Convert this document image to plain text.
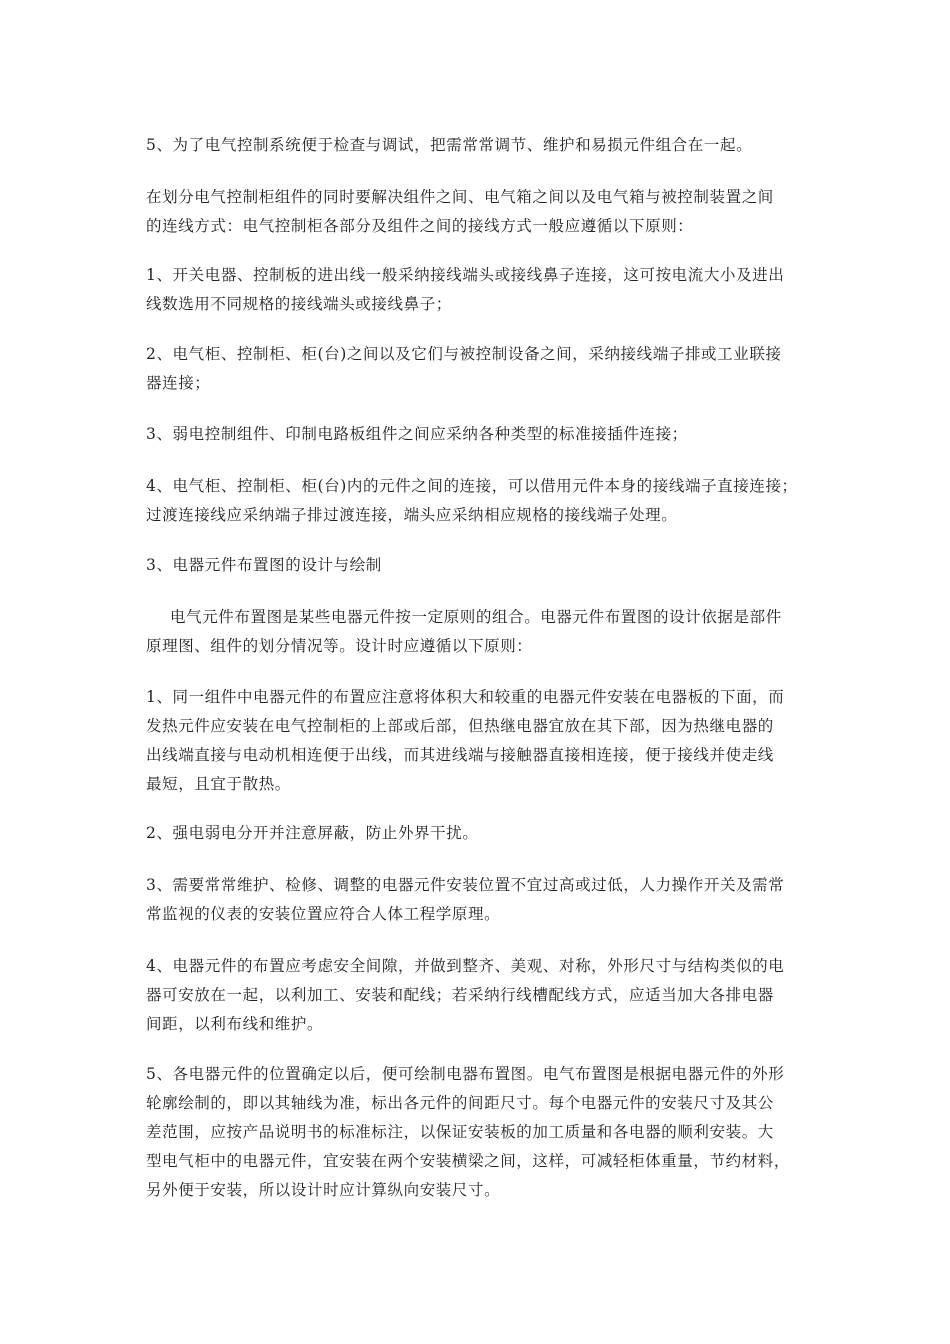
5、为了电气控制系统便于检查与调试，把需常常调节、维护和易损元件组合在一起。

在划分电气控制柜组件的同时要解决组件之间、电气箱之间以及电气箱与被控制装置之间
的连线方式：电气控制柜各部分及组件之间的接线方式一般应遵循以下原则：

1、开关电器、控制板的进出线一般采纳接线端头或接线鼻子连接，这可按电流大小及进出
线数选用不同规格的接线端头或接线鼻子；

2、电气柜、控制柜、柜(台)之间以及它们与被控制设备之间，采纳接线端子排或工业联接
器连接；

3、弱电控制组件、印制电路板组件之间应采纳各种类型的标准接插件连接；

4、电气柜、控制柜、柜(台)内的元件之间的连接，可以借用元件本身的接线端子直接连接；
过渡连接线应采纳端子排过渡连接，端头应采纳相应规格的接线端子处理。

3、电器元件布置图的设计与绘制

电气元件布置图是某些电器元件按一定原则的组合。电器元件布置图的设计依据是部件
原理图、组件的划分情况等。设计时应遵循以下原则：

1、同一组件中电器元件的布置应注意将体积大和较重的电器元件安装在电器板的下面，而
发热元件应安装在电气控制柜的上部或后部，但热继电器宜放在其下部，因为热继电器的
出线端直接与电动机相连便于出线，而其进线端与接触器直接相连接，便于接线并使走线
最短，且宜于散热。

2、强电弱电分开并注意屏蔽，防止外界干扰。

3、需要常常维护、检修、调整的电器元件安装位置不宜过高或过低，人力操作开关及需常
常监视的仪表的安装位置应符合人体工程学原理。

4、电器元件的布置应考虑安全间隙，并做到整齐、美观、对称，外形尺寸与结构类似的电
器可安放在一起，以利加工、安装和配线；若采纳行线槽配线方式，应适当加大各排电器
间距，以利布线和维护。

5、各电器元件的位置确定以后，便可绘制电器布置图。电气布置图是根据电器元件的外形
轮廓绘制的，即以其轴线为准，标出各元件的间距尺寸。每个电器元件的安装尺寸及其公
差范围，应按产品说明书的标准标注，以保证安装板的加工质量和各电器的顺利安装。大
型电气柜中的电器元件，宜安装在两个安装横梁之间，这样，可减轻柜体重量，节约材料，
另外便于安装，所以设计时应计算纵向安装尺寸。
